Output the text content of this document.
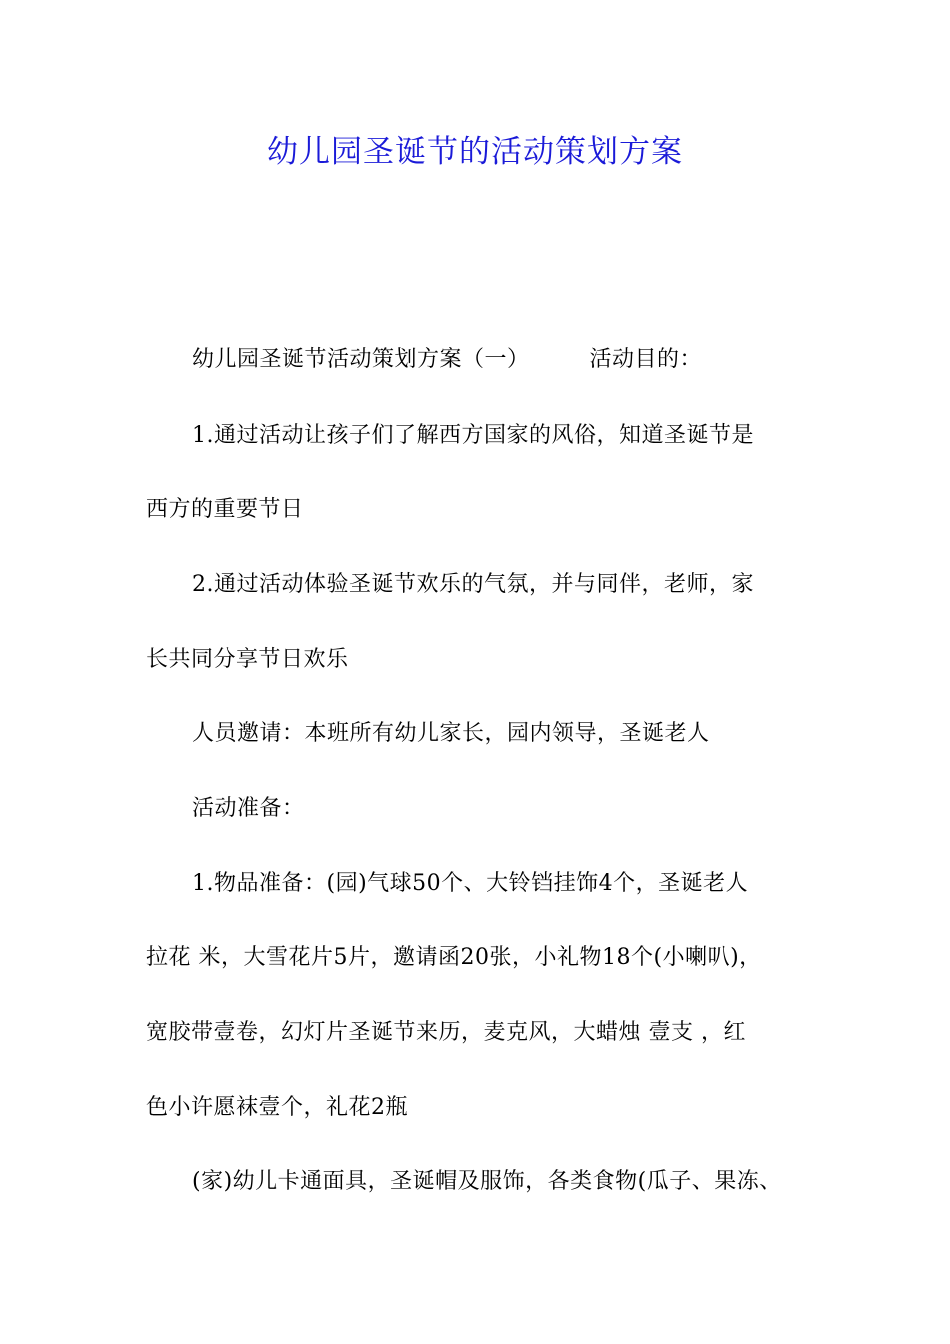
幼儿园圣诞节的活动策划方案
幼儿园圣诞节活动策划方案（一）	活动目的：
1.通过活动让孩子们了解西方国家的风俗，知道圣诞节是
西方的重要节日
2.通过活动体验圣诞节欢乐的气氛，并与同伴，老师，家
长共同分享节日欢乐
人员邀请：本班所有幼儿家长，园内领导，圣诞老人
活动准备：
1.物品准备：(园)气球50个、大铃铛挂饰4个，圣诞老人
拉花 米，大雪花片5片，邀请函20张，小礼物18个(小喇叭)，
宽胶带壹卷，幻灯片圣诞节来历，麦克风，大蜡烛 壹支 ，红
色小许愿袜壹个，礼花2瓶
(家)幼儿卡通面具，圣诞帽及服饰，各类食物(瓜子、果冻、
